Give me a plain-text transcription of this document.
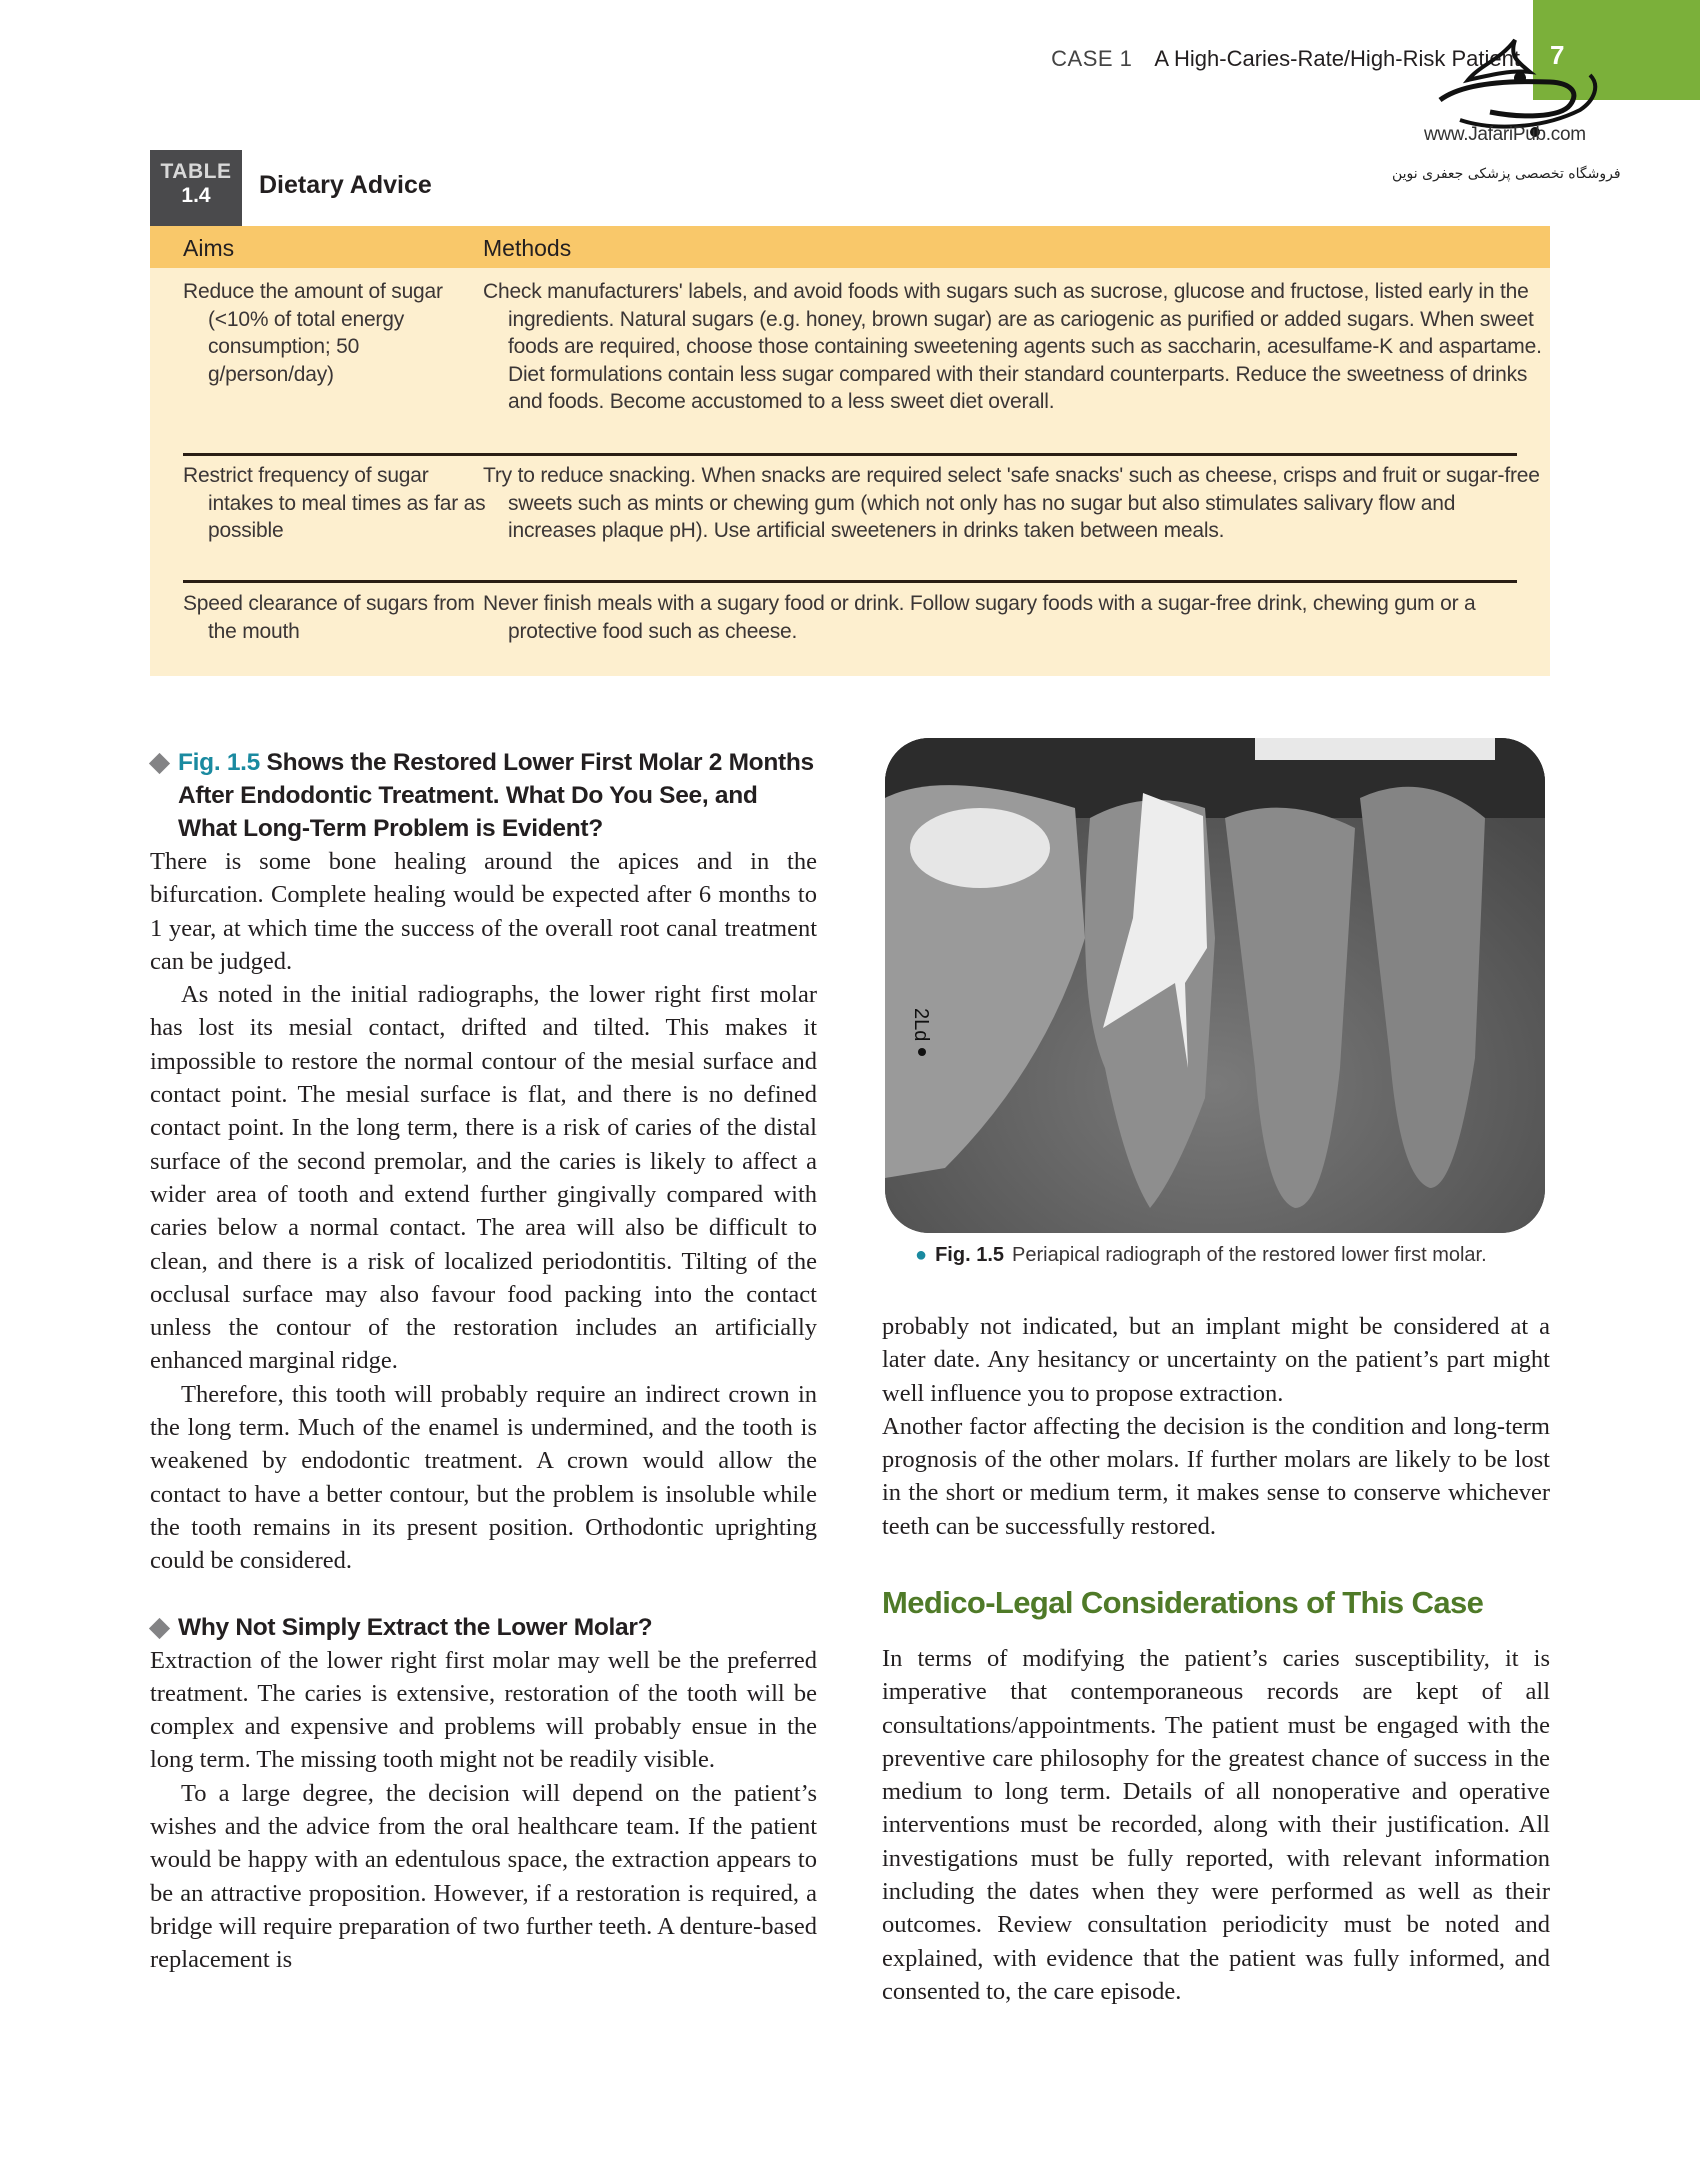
CASE 1 A High-Caries-Rate/High-Risk Patient 7
www.JafariPub.com
فروشگاه تخصصی پزشکی جعفری نوین
TABLE
1.4	Dietary Advice
Aims	Methods

Reduce the amount of sugar (<10% of total energy consumption; 50 g/person/day)

Check manufacturers' labels, and avoid foods with sugars such as sucrose, glucose and fructose, listed early in the ingredients. Natural sugars (e.g. honey, brown sugar) are as cariogenic as purified or added sugars. When sweet foods are required, choose those containing sweetening agents such as saccharin, acesulfame-K and aspartame. Diet formulations contain less sugar compared with their standard counterparts. Reduce the sweetness of drinks and foods. Become accustomed to a less sweet diet overall.

Restrict frequency of sugar intakes to meal times as far as possible

Try to reduce snacking. When snacks are required select 'safe snacks' such as cheese, crisps and fruit or sugar-free sweets such as mints or chewing gum (which not only has no sugar but also stimulates salivary flow and increases plaque pH). Use artificial sweeteners in drinks taken between meals.

Speed clearance of sugars from the mouth

Never finish meals with a sugary food or drink. Follow sugary foods with a sugar-free drink, chewing gum or a protective food such as cheese.

Fig. 1.5 Shows the Restored Lower First Molar 2 Months After Endodontic Treatment. What Do You See, and What Long-Term Problem is Evident?

There is some bone healing around the apices and in the bifurcation. Complete healing would be expected after 6 months to 1 year, at which time the success of the overall root canal treatment can be judged.

As noted in the initial radiographs, the lower right first molar has lost its mesial contact, drifted and tilted. This makes it impossible to restore the normal contour of the mesial surface and contact point. The mesial surface is flat, and there is no defined contact point. In the long term, there is a risk of caries of the distal surface of the second premolar, and the caries is likely to affect a wider area of tooth and extend further gingivally compared with caries below a normal contact. The area will also be difficult to clean, and there is a risk of localized periodontitis. Tilting of the occlusal surface may also favour food packing into the contact unless the contour of the restoration includes an artificially enhanced marginal ridge.

Therefore, this tooth will probably require an indirect crown in the long term. Much of the enamel is undermined, and the tooth is weakened by endodontic treatment. A crown would allow the contact to have a better contour, but the problem is insoluble while the tooth remains in its present position. Orthodontic uprighting could be considered.

Why Not Simply Extract the Lower Molar?

Extraction of the lower right first molar may well be the preferred treatment. The caries is extensive, restoration of the tooth will be complex and expensive and problems will probably ensue in the long term. The missing tooth might not be readily visible.

To a large degree, the decision will depend on the patient’s wishes and the advice from the oral healthcare team. If the patient would be happy with an edentulous space, the extraction appears to be an attractive proposition. However, if a restoration is required, a bridge will require preparation of two further teeth. A denture-based replacement is

2Ld
● Fig. 1.5 Periapical radiograph of the restored lower first molar.

probably not indicated, but an implant might be considered at a later date. Any hesitancy or uncertainty on the patient’s part might well influence you to propose extraction.

Another factor affecting the decision is the condition and long-term prognosis of the other molars. If further molars are likely to be lost in the short or medium term, it makes sense to conserve whichever teeth can be successfully restored.

Medico-Legal Considerations of This Case

In terms of modifying the patient’s caries susceptibility, it is imperative that contemporaneous records are kept of all consultations/appointments. The patient must be engaged with the preventive care philosophy for the greatest chance of success in the medium to long term. Details of all nonoperative and operative interventions must be recorded, along with their justification. All investigations must be fully reported, with relevant information including the dates when they were performed as well as their outcomes. Review consultation periodicity must be noted and explained, with evidence that the patient was fully informed, and consented to, the care episode.
